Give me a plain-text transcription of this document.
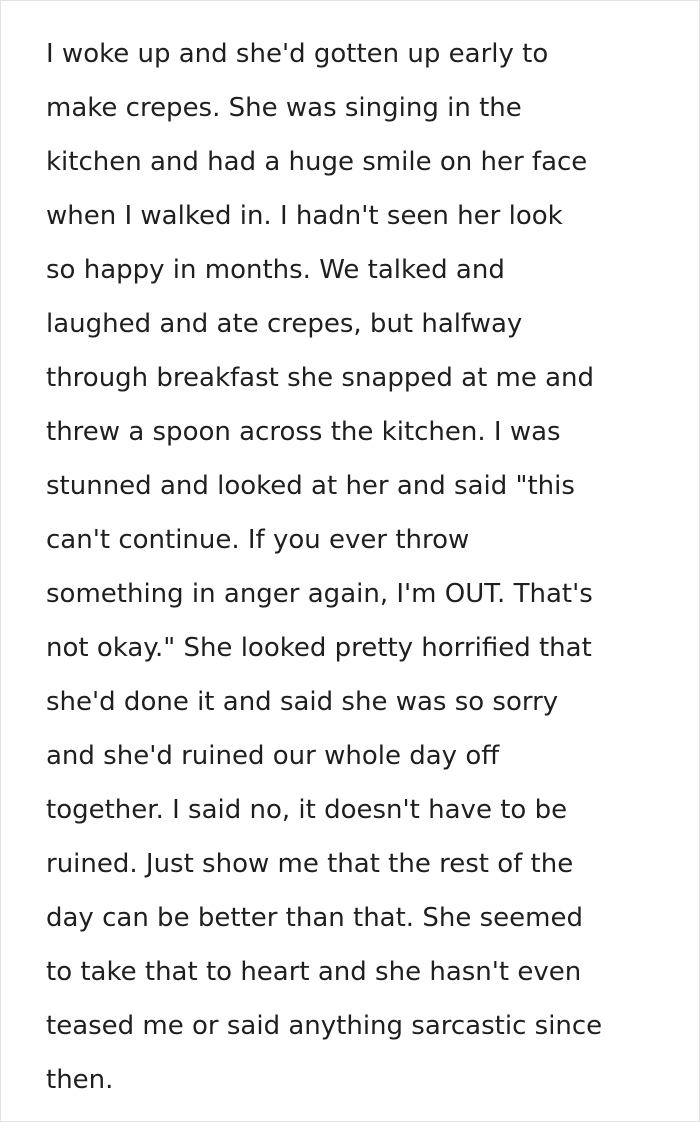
I woke up and she'd gotten up early to
make crepes. She was singing in the
kitchen and had a huge smile on her face
when I walked in. I hadn't seen her look
so happy in months. We talked and
laughed and ate crepes, but halfway
through breakfast she snapped at me and
threw a spoon across the kitchen. I was
stunned and looked at her and said "this
can't continue. If you ever throw
something in anger again, I'm OUT. That's
not okay." She looked pretty horrified that
she'd done it and said she was so sorry
and she'd ruined our whole day off
together. I said no, it doesn't have to be
ruined. Just show me that the rest of the
day can be better than that. She seemed
to take that to heart and she hasn't even
teased me or said anything sarcastic since
then.
